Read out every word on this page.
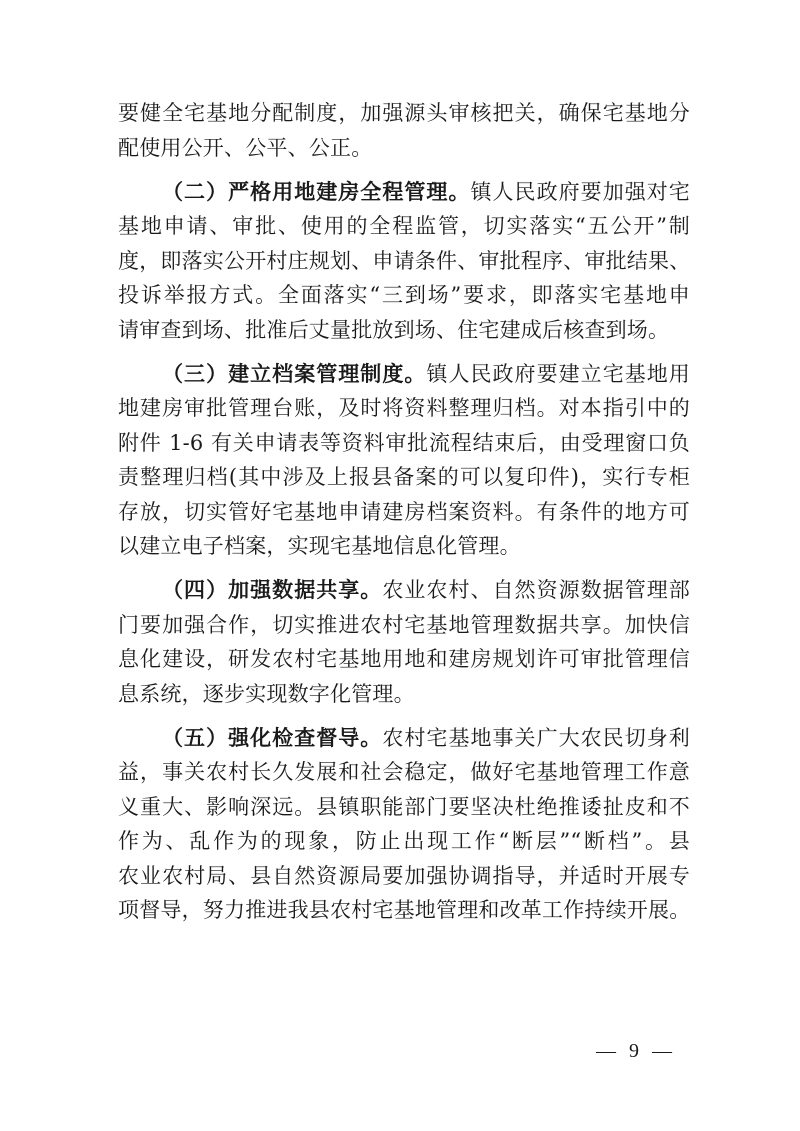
要健全宅基地分配制度，加强源头审核把关，确保宅基地分
配使用公开、公平、公正。
（二）严格用地建房全程管理。镇人民政府要加强对宅
基地申请、审批、使用的全程监管，切实落实“五公开”制
度，即落实公开村庄规划、申请条件、审批程序、审批结果、
投诉举报方式。全面落实“三到场”要求，即落实宅基地申
请审查到场、批准后丈量批放到场、住宅建成后核查到场。
（三）建立档案管理制度。镇人民政府要建立宅基地用
地建房审批管理台账，及时将资料整理归档。对本指引中的
附件 1-6 有关申请表等资料审批流程结束后，由受理窗口负
责整理归档(其中涉及上报县备案的可以复印件)，实行专柜
存放，切实管好宅基地申请建房档案资料。有条件的地方可
以建立电子档案，实现宅基地信息化管理。
（四）加强数据共享。农业农村、自然资源数据管理部
门要加强合作，切实推进农村宅基地管理数据共享。加快信
息化建设，研发农村宅基地用地和建房规划许可审批管理信
息系统，逐步实现数字化管理。
（五）强化检查督导。农村宅基地事关广大农民切身利
益，事关农村长久发展和社会稳定，做好宅基地管理工作意
义重大、影响深远。县镇职能部门要坚决杜绝推诿扯皮和不
作为、乱作为的现象，防止出现工作“断层”“断档”。县
农业农村局、县自然资源局要加强协调指导，并适时开展专
项督导，努力推进我县农村宅基地管理和改革工作持续开展。
— 9 —
